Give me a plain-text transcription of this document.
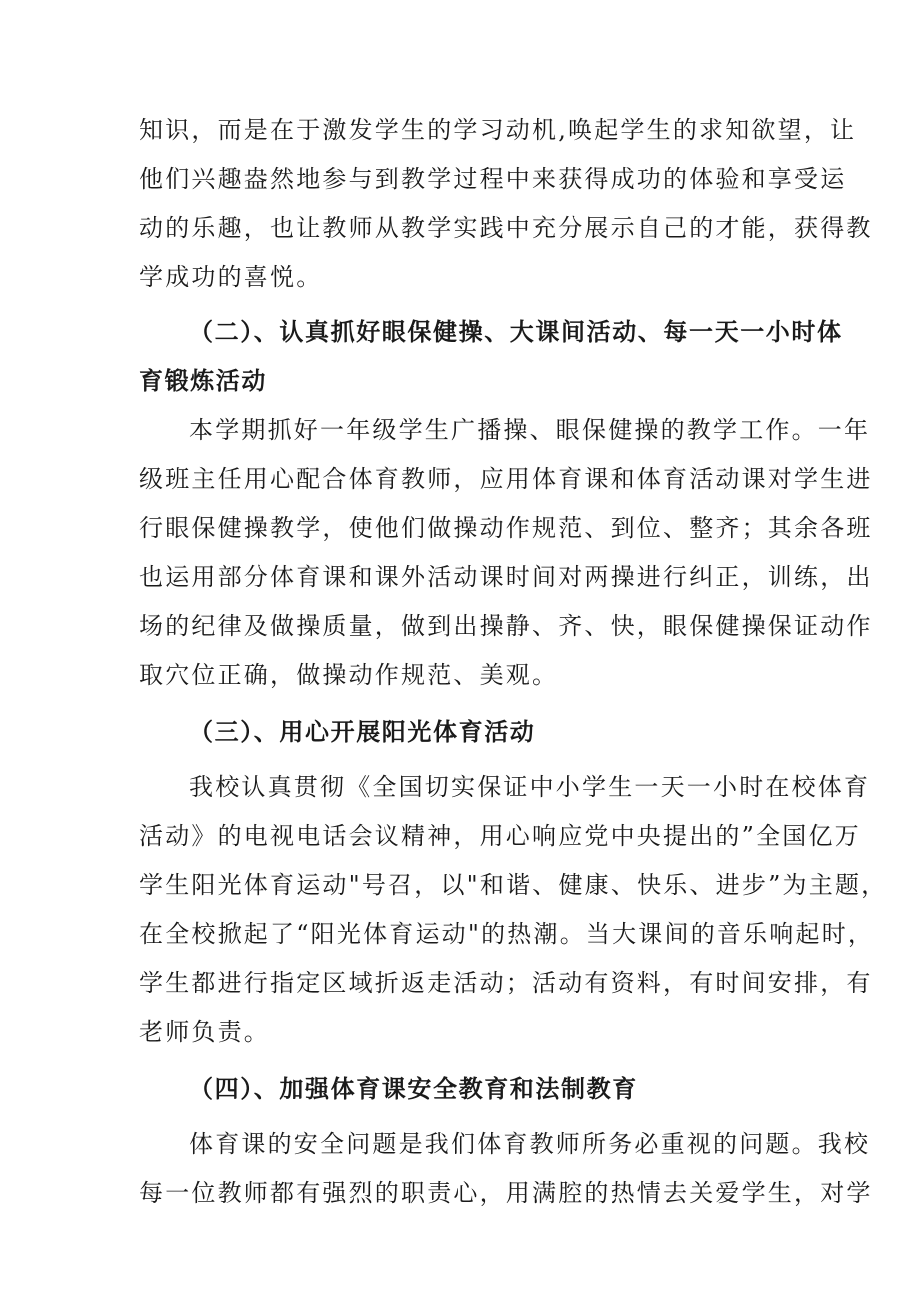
知识，而是在于激发学生的学习动机,唤起学生的求知欲望，让
他们兴趣盎然地参与到教学过程中来获得成功的体验和享受运
动的乐趣，也让教师从教学实践中充分展示自己的才能，获得教
学成功的喜悦。
（二）、认真抓好眼保健操、大课间活动、每一天一小时体
育锻炼活动
本学期抓好一年级学生广播操、眼保健操的教学工作。一年
级班主任用心配合体育教师，应用体育课和体育活动课对学生进
行眼保健操教学，使他们做操动作规范、到位、整齐；其余各班
也运用部分体育课和课外活动课时间对两操进行纠正，训练，出
场的纪律及做操质量，做到出操静、齐、快，眼保健操保证动作
取穴位正确，做操动作规范、美观。
（三）、用心开展阳光体育活动
我校认真贯彻《全国切实保证中小学生一天一小时在校体育
活动》的电视电话会议精神，用心响应党中央提出的”全国亿万
学生阳光体育运动"号召，以"和谐、健康、快乐、进步”为主题，
在全校掀起了“阳光体育运动"的热潮。当大课间的音乐响起时，
学生都进行指定区域折返走活动；活动有资料，有时间安排，有
老师负责。
（四）、加强体育课安全教育和法制教育
体育课的安全问题是我们体育教师所务必重视的问题。我校
每一位教师都有强烈的职责心，用满腔的热情去关爱学生，对学
